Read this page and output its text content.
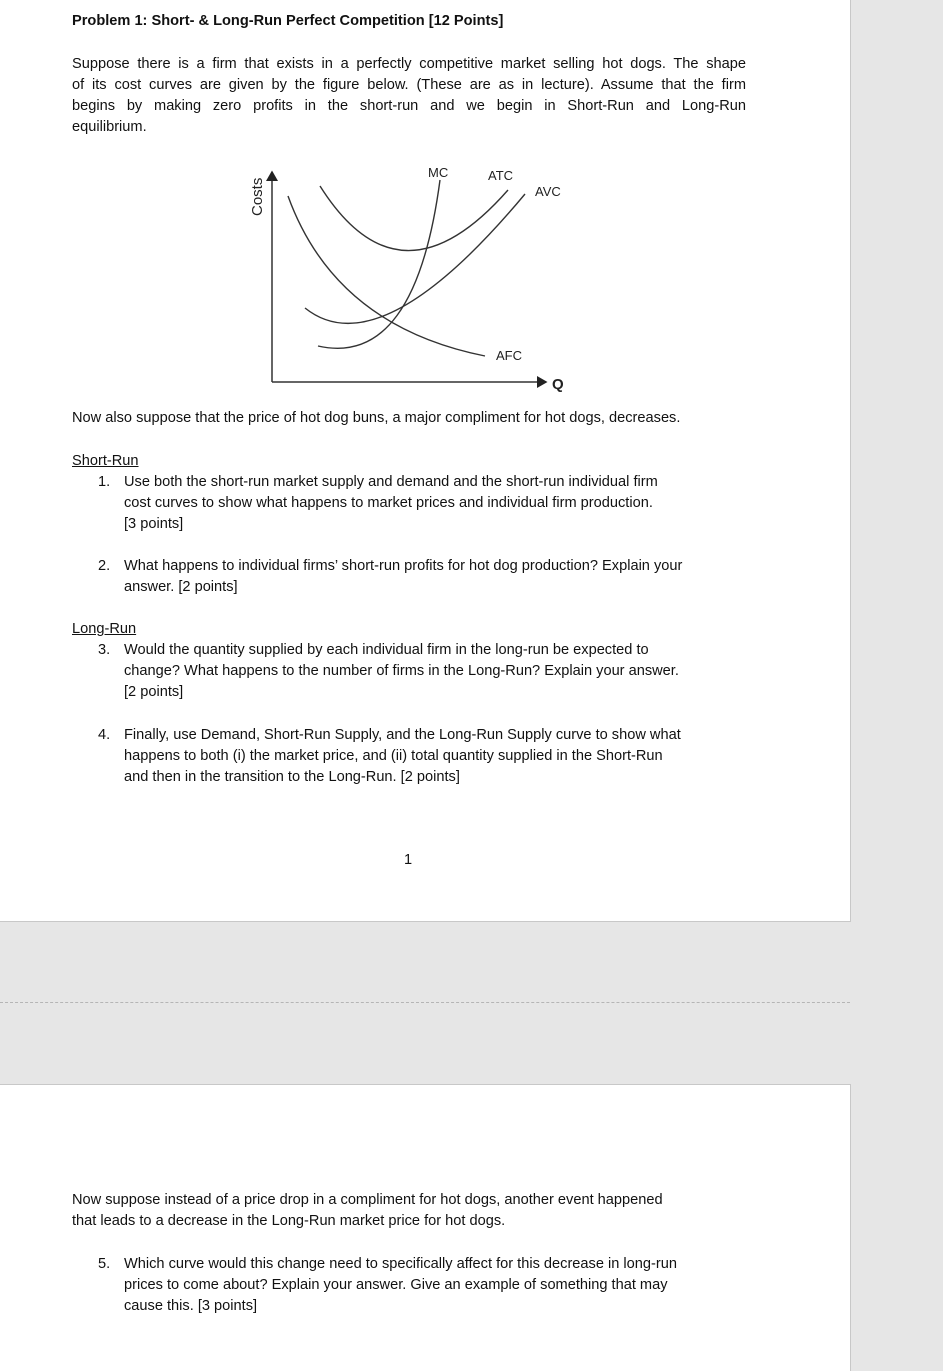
Problem 1: Short- & Long-Run Perfect Competition [12 Points]

Suppose there is a firm that exists in a perfectly competitive market selling hot dogs. The shape

of its cost curves are given by the figure below. (These are as in lecture). Assume that the firm

begins by making zero profits in the short-run and we begin in Short-Run and Long-Run

equilibrium.

Costs
Q
MC	ATC
AVC
AFC

Now also suppose that the price of hot dog buns, a major compliment for hot dogs, decreases.

Short-Run

1. Use both the short-run market supply and demand and the short-run individual firm

cost curves to show what happens to market prices and individual firm production.

[3 points]

2. What happens to individual firms’ short-run profits for hot dog production? Explain your

answer. [2 points]

Long-Run

3. Would the quantity supplied by each individual firm in the long-run be expected to

change? What happens to the number of firms in the Long-Run? Explain your answer.

[2 points]

4. Finally, use Demand, Short-Run Supply, and the Long-Run Supply curve to show what

happens to both (i) the market price, and (ii) total quantity supplied in the Short-Run

and then in the transition to the Long-Run. [2 points]

1

Now suppose instead of a price drop in a compliment for hot dogs, another event happened

that leads to a decrease in the Long-Run market price for hot dogs.

5. Which curve would this change need to specifically affect for this decrease in long-run

prices to come about? Explain your answer. Give an example of something that may

cause this. [3 points]
